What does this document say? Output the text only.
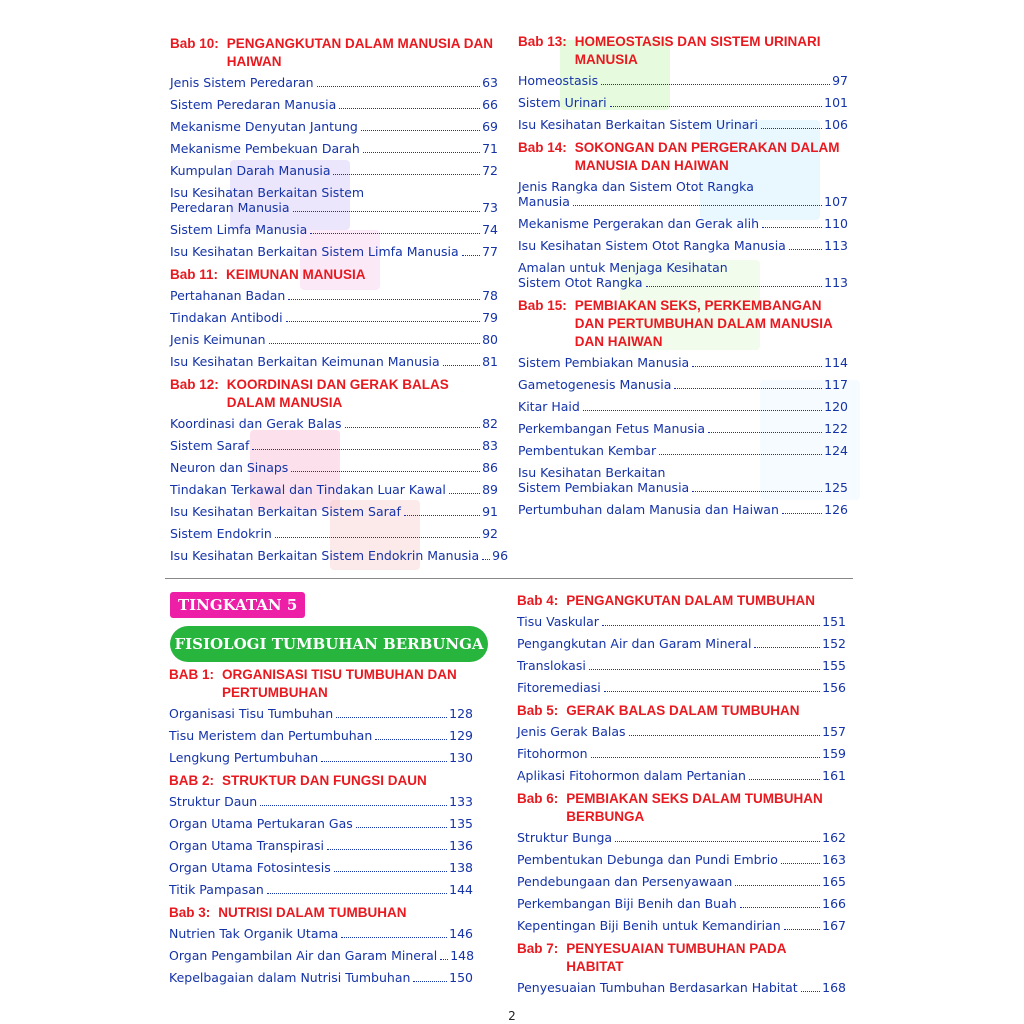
Bab 10: PENGANGKUTAN DALAM MANUSIA DAN HAIWAN
Jenis Sistem Peredaran	63
Sistem Peredaran Manusia	66
Mekanisme Denyutan Jantung	69
Mekanisme Pembekuan Darah	71
Kumpulan Darah Manusia	72
Isu Kesihatan Berkaitan Sistem
Peredaran Manusia	73
Sistem Limfa Manusia	74
Isu Kesihatan Berkaitan Sistem Limfa Manusia 77
Bab 11: KEIMUNAN MANUSIA
Pertahanan Badan	78
Tindakan Antibodi	79
Jenis Keimunan	80
Isu Kesihatan Berkaitan Keimunan Manusia	81
Bab 12: KOORDINASI DAN GERAK BALAS DALAM MANUSIA
Koordinasi dan Gerak Balas	82
Sistem Saraf	83
Neuron dan Sinaps	86
Tindakan Terkawal dan Tindakan Luar Kawal	89
Isu Kesihatan Berkaitan Sistem Saraf	91
Sistem Endokrin	92
Isu Kesihatan Berkaitan Sistem Endokrin Manusia 96
Bab 13: HOMEOSTASIS DAN SISTEM URINARI MANUSIA
Homeostasis	97
Sistem Urinari	101
Isu Kesihatan Berkaitan Sistem Urinari	106
Bab 14: SOKONGAN DAN PERGERAKAN DALAM MANUSIA DAN HAIWAN
Jenis Rangka dan Sistem Otot Rangka
Manusia	107
Mekanisme Pergerakan dan Gerak alih	110
Isu Kesihatan Sistem Otot Rangka Manusia	113
Amalan untuk Menjaga Kesihatan
Sistem Otot Rangka	113
Bab 15: PEMBIAKAN SEKS, PERKEMBANGAN DAN PERTUMBUHAN DALAM MANUSIA DAN HAIWAN
Sistem Pembiakan Manusia	114
Gametogenesis Manusia	117
Kitar Haid	120
Perkembangan Fetus Manusia	122
Pembentukan Kembar	124
Isu Kesihatan Berkaitan
Sistem Pembiakan Manusia	125
Pertumbuhan dalam Manusia dan Haiwan	126
TINGKATAN 5
FISIOLOGI TUMBUHAN BERBUNGA
BAB 1: ORGANISASI TISU TUMBUHAN DAN PERTUMBUHAN
Organisasi Tisu Tumbuhan	128
Tisu Meristem dan Pertumbuhan	129
Lengkung Pertumbuhan	130
BAB 2: STRUKTUR DAN FUNGSI DAUN
Struktur Daun	133
Organ Utama Pertukaran Gas	135
Organ Utama Transpirasi	136
Organ Utama Fotosintesis	138
Titik Pampasan	144
Bab 3: NUTRISI DALAM TUMBUHAN
Nutrien Tak Organik Utama	146
Organ Pengambilan Air dan Garam Mineral 148
Kepelbagaian dalam Nutrisi Tumbuhan	150
Bab 4: PENGANGKUTAN DALAM TUMBUHAN
Tisu Vaskular	151
Pengangkutan Air dan Garam Mineral	152
Translokasi	155
Fitoremediasi	156
Bab 5: GERAK BALAS DALAM TUMBUHAN
Jenis Gerak Balas	157
Fitohormon	159
Aplikasi Fitohormon dalam Pertanian	161
Bab 6: PEMBIAKAN SEKS DALAM TUMBUHAN BERBUNGA
Struktur Bunga	162
Pembentukan Debunga dan Pundi Embrio	163
Pendebungaan dan Persenyawaan	165
Perkembangan Biji Benih dan Buah	166
Kepentingan Biji Benih untuk Kemandirian	167
Bab 7: PENYESUAIAN TUMBUHAN PADA HABITAT
Penyesuaian Tumbuhan Berdasarkan Habitat 168
2
